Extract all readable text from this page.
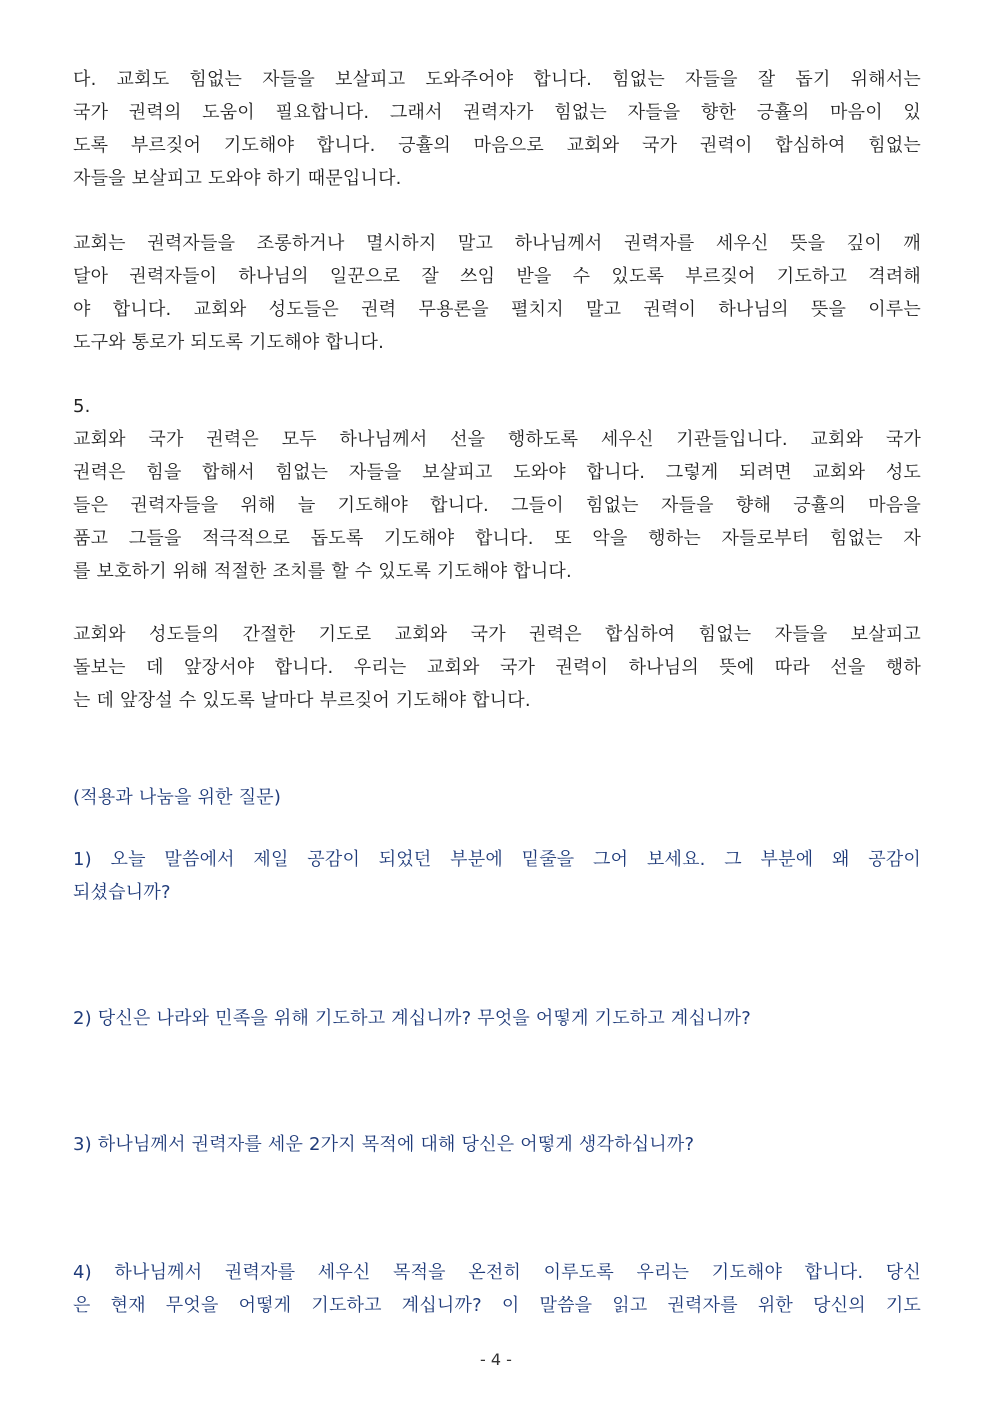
다. 교회도 힘없는 자들을 보살피고 도와주어야 합니다. 힘없는 자들을 잘 돕기 위해서는
국가 권력의 도움이 필요합니다. 그래서 권력자가 힘없는 자들을 향한 긍휼의 마음이 있
도록 부르짖어 기도해야 합니다. 긍휼의 마음으로 교회와 국가 권력이 합심하여 힘없는
자들을 보살피고 도와야 하기 때문입니다.
교회는 권력자들을 조롱하거나 멸시하지 말고 하나님께서 권력자를 세우신 뜻을 깊이 깨
달아 권력자들이 하나님의 일꾼으로 잘 쓰임 받을 수 있도록 부르짖어 기도하고 격려해
야 합니다. 교회와 성도들은 권력 무용론을 펼치지 말고 권력이 하나님의 뜻을 이루는
도구와 통로가 되도록 기도해야 합니다.
5.
교회와 국가 권력은 모두 하나님께서 선을 행하도록 세우신 기관들입니다. 교회와 국가
권력은 힘을 합해서 힘없는 자들을 보살피고 도와야 합니다. 그렇게 되려면 교회와 성도
들은 권력자들을 위해 늘 기도해야 합니다. 그들이 힘없는 자들을 향해 긍휼의 마음을
품고 그들을 적극적으로 돕도록 기도해야 합니다. 또 악을 행하는 자들로부터 힘없는 자
를 보호하기 위해 적절한 조치를 할 수 있도록 기도해야 합니다.
교회와 성도들의 간절한 기도로 교회와 국가 권력은 합심하여 힘없는 자들을 보살피고
돌보는 데 앞장서야 합니다. 우리는 교회와 국가 권력이 하나님의 뜻에 따라 선을 행하
는 데 앞장설 수 있도록 날마다 부르짖어 기도해야 합니다.
(적용과 나눔을 위한 질문)
1) 오늘 말씀에서 제일 공감이 되었던 부분에 밑줄을 그어 보세요. 그 부분에 왜 공감이
되셨습니까?
2) 당신은 나라와 민족을 위해 기도하고 계십니까? 무엇을 어떻게 기도하고 계십니까?
3) 하나님께서 권력자를 세운 2가지 목적에 대해 당신은 어떻게 생각하십니까?
4) 하나님께서 권력자를 세우신 목적을 온전히 이루도록 우리는 기도해야 합니다. 당신
은 현재 무엇을 어떻게 기도하고 계십니까? 이 말씀을 읽고 권력자를 위한 당신의 기도
- 4 -
